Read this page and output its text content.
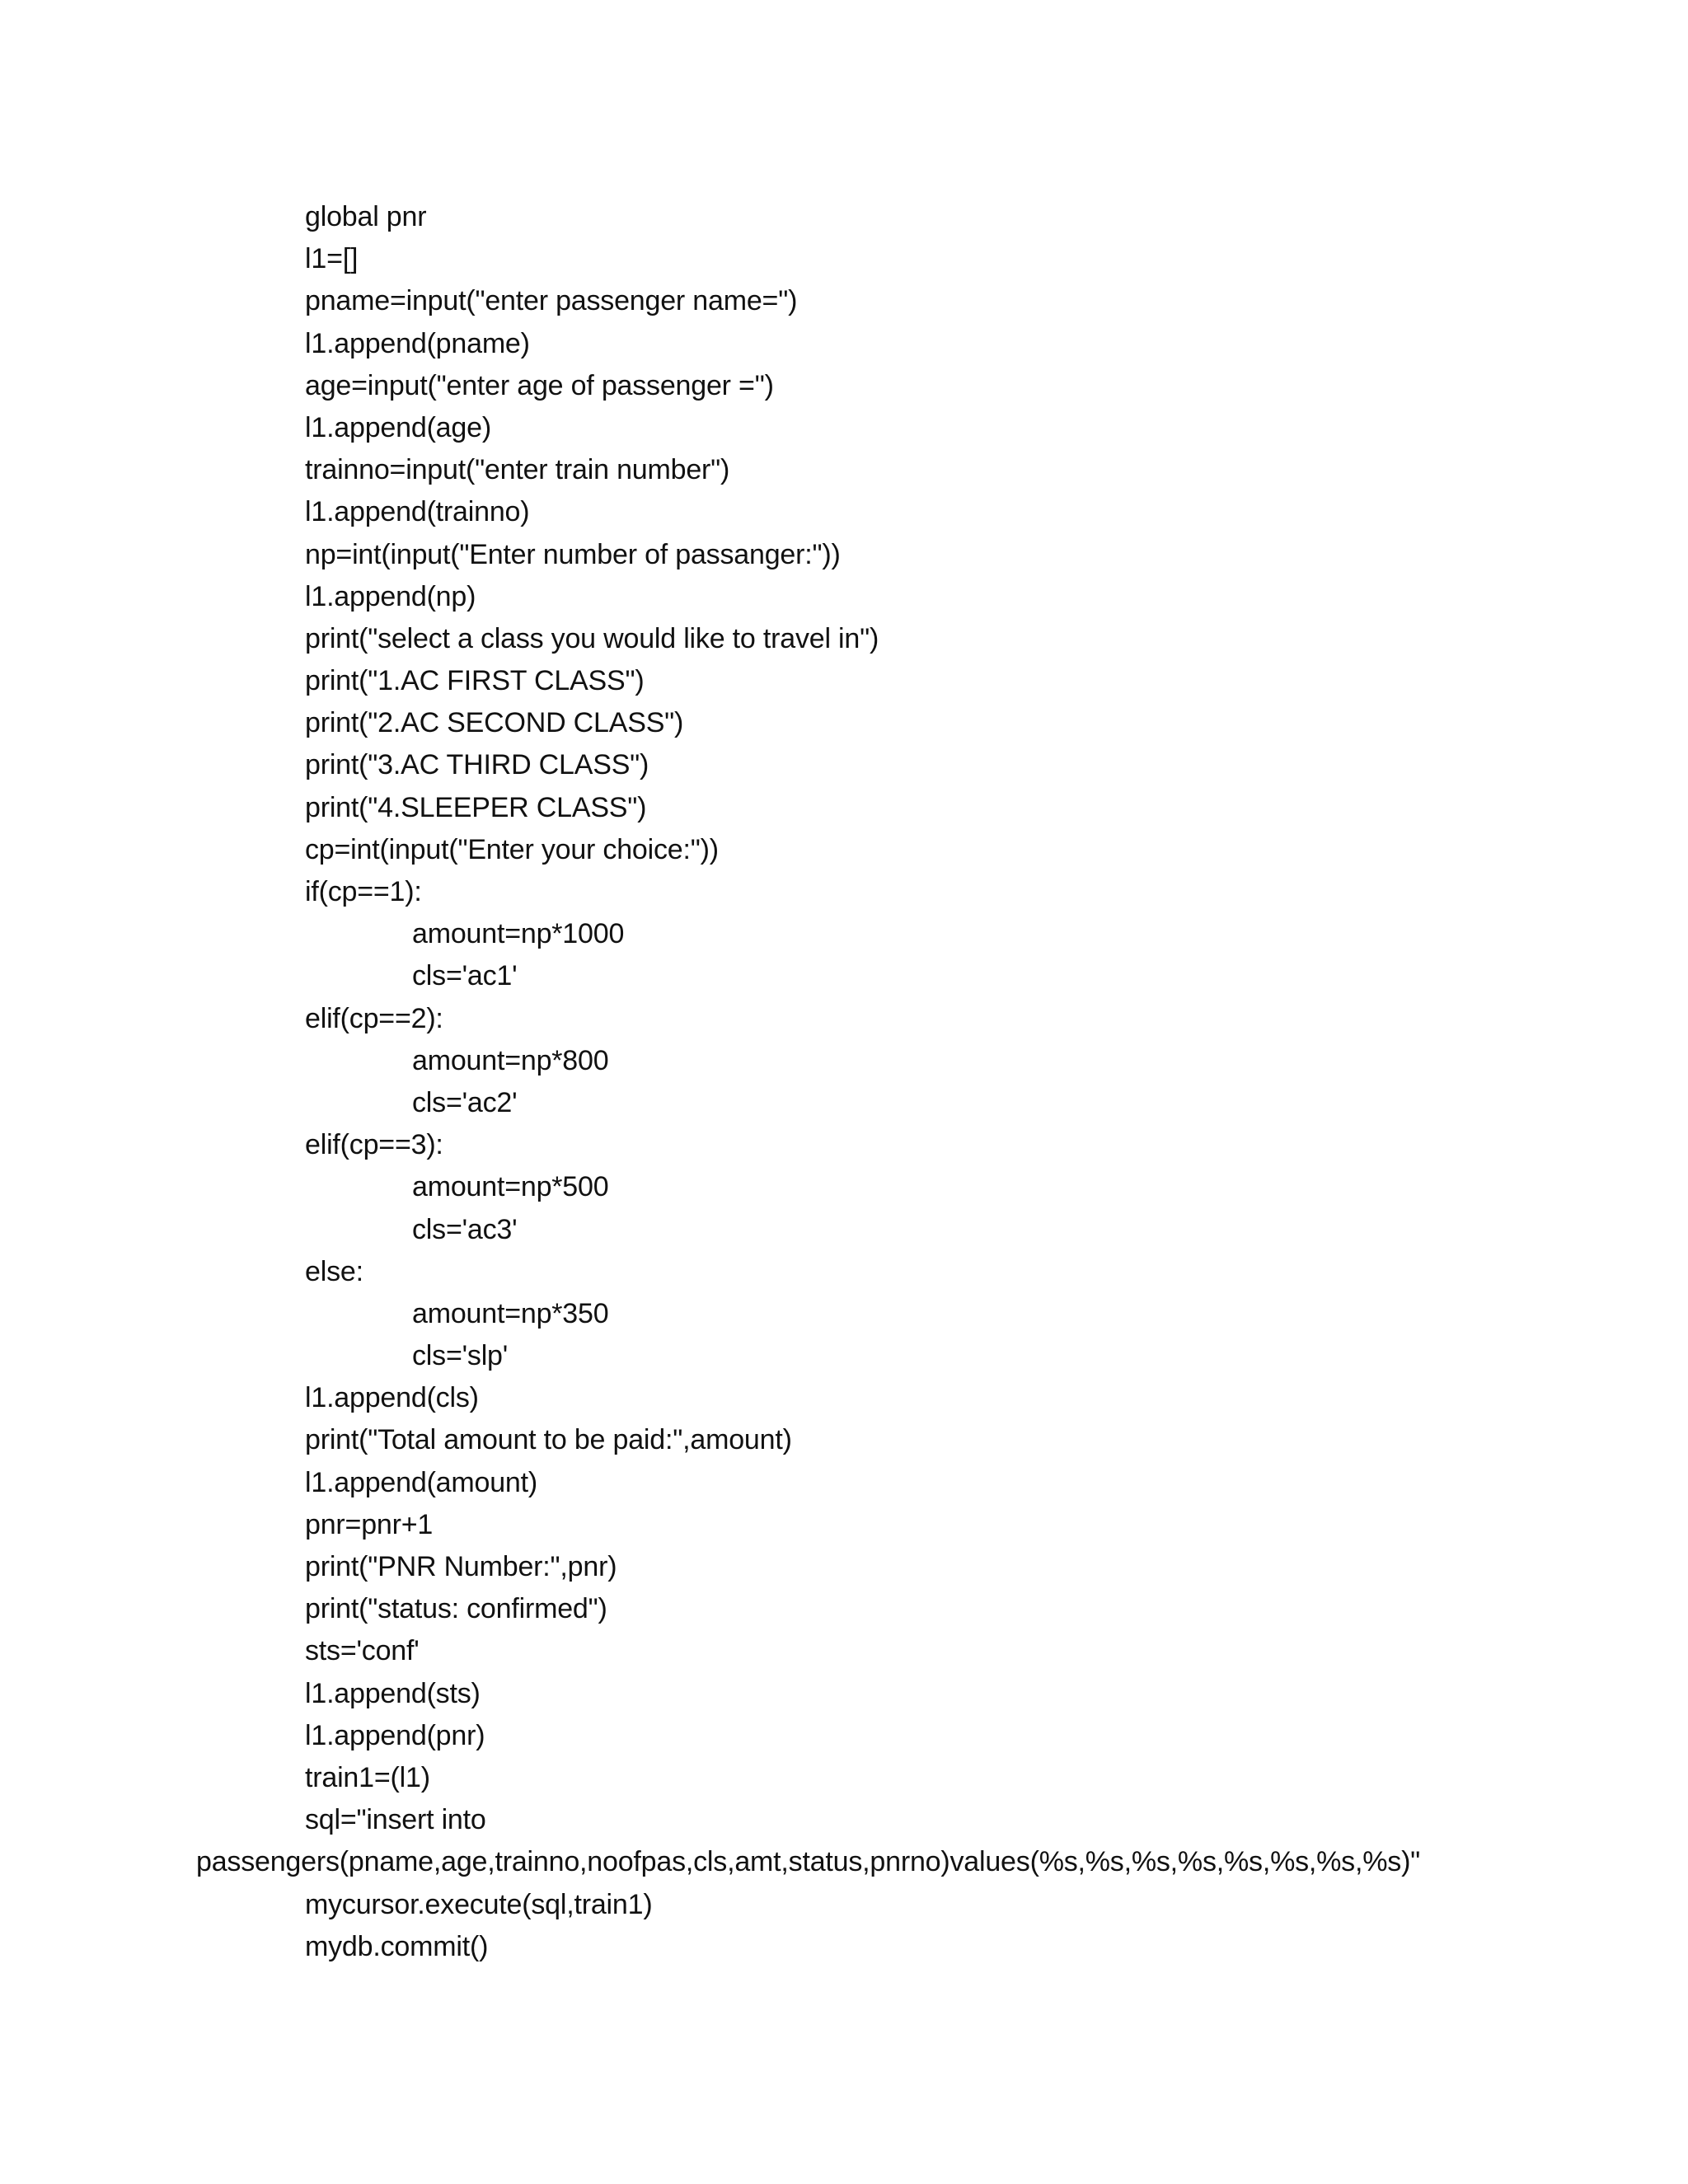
global pnr
l1=[]
pname=input("enter passenger name=")
l1.append(pname)
age=input("enter age of passenger =")
l1.append(age)
trainno=input("enter train number")
l1.append(trainno)
np=int(input("Enter number of passanger:"))
l1.append(np)
print("select a class you would like to travel in")
print("1.AC FIRST CLASS")
print("2.AC SECOND CLASS")
print("3.AC THIRD CLASS")
print("4.SLEEPER CLASS")
cp=int(input("Enter your choice:"))
if(cp==1):
amount=np*1000
cls='ac1'
elif(cp==2):
amount=np*800
cls='ac2'
elif(cp==3):
amount=np*500
cls='ac3'
else:
amount=np*350
cls='slp'
l1.append(cls)
print("Total amount to be paid:",amount)
l1.append(amount)
pnr=pnr+1
print("PNR Number:",pnr)
print("status: confirmed")
sts='conf'
l1.append(sts)
l1.append(pnr)
train1=(l1)
sql="insert into
passengers(pname,age,trainno,noofpas,cls,amt,status,pnrno)values(%s,%s,%s,%s,%s,%s,%s,%s)"
mycursor.execute(sql,train1)
mydb.commit()
